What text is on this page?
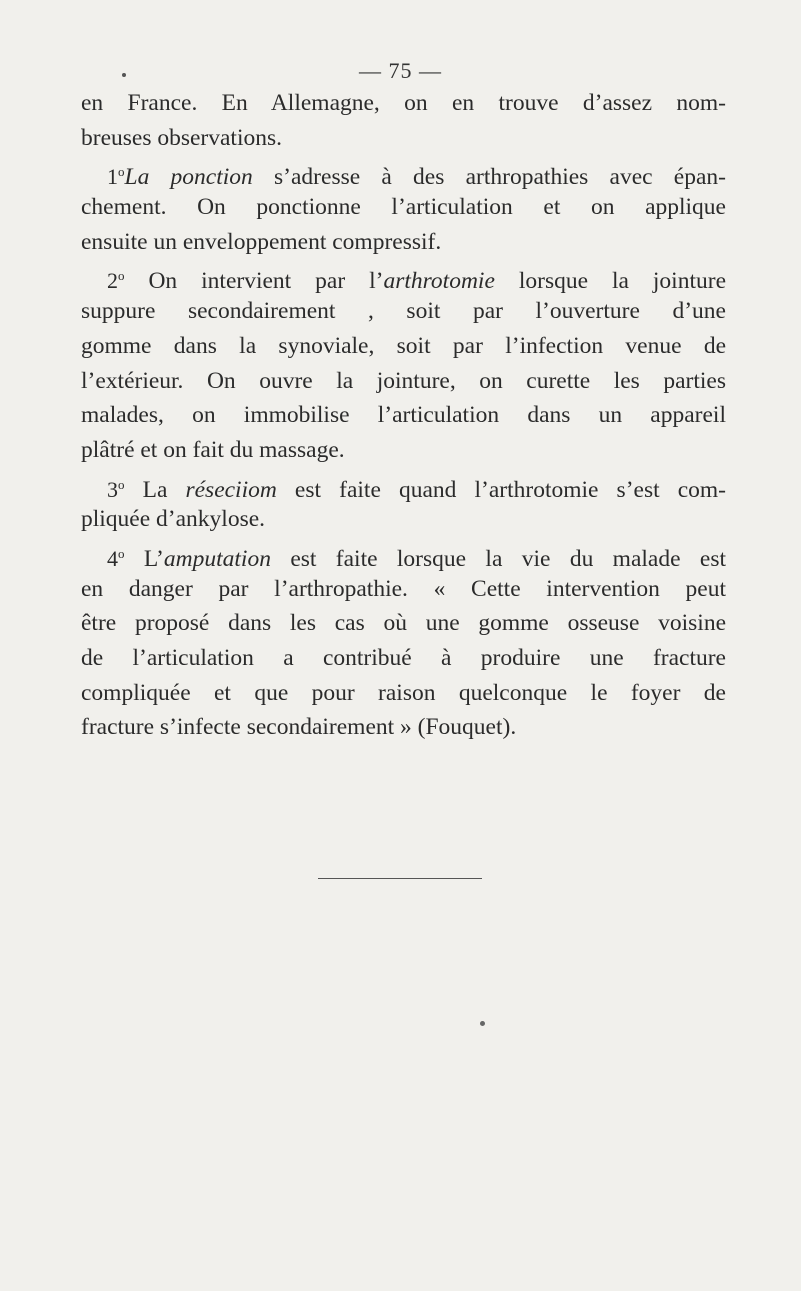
— 75 —
en France. En Allemagne, on en trouve d’assez nom-
breuses observations.
1$^o$La ponction s’adresse à des arthropathies avec épan-
chement. On ponctionne l’articulation et on applique
ensuite un enveloppement compressif.
2$^o$ On intervient par l’arthrotomie lorsque la jointure
suppure secondairement , soit par l’ouverture d’une
gomme dans la synoviale, soit par l’infection venue de
l’extérieur. On ouvre la jointure, on curette les parties
malades, on immobilise l’articulation dans un appareil
plâtré et on fait du massage.
3$^o$ La réseciiom est faite quand l’arthrotomie s’est com-
pliquée d’ankylose.
4$^o$ L’amputation est faite lorsque la vie du malade est
en danger par l’arthropathie. « Cette intervention peut
être proposé dans les cas où une gomme osseuse voisine
de l’articulation a contribué à produire une fracture
compliquée et que pour raison quelconque le foyer de
fracture s’infecte secondairement » (Fouquet).
